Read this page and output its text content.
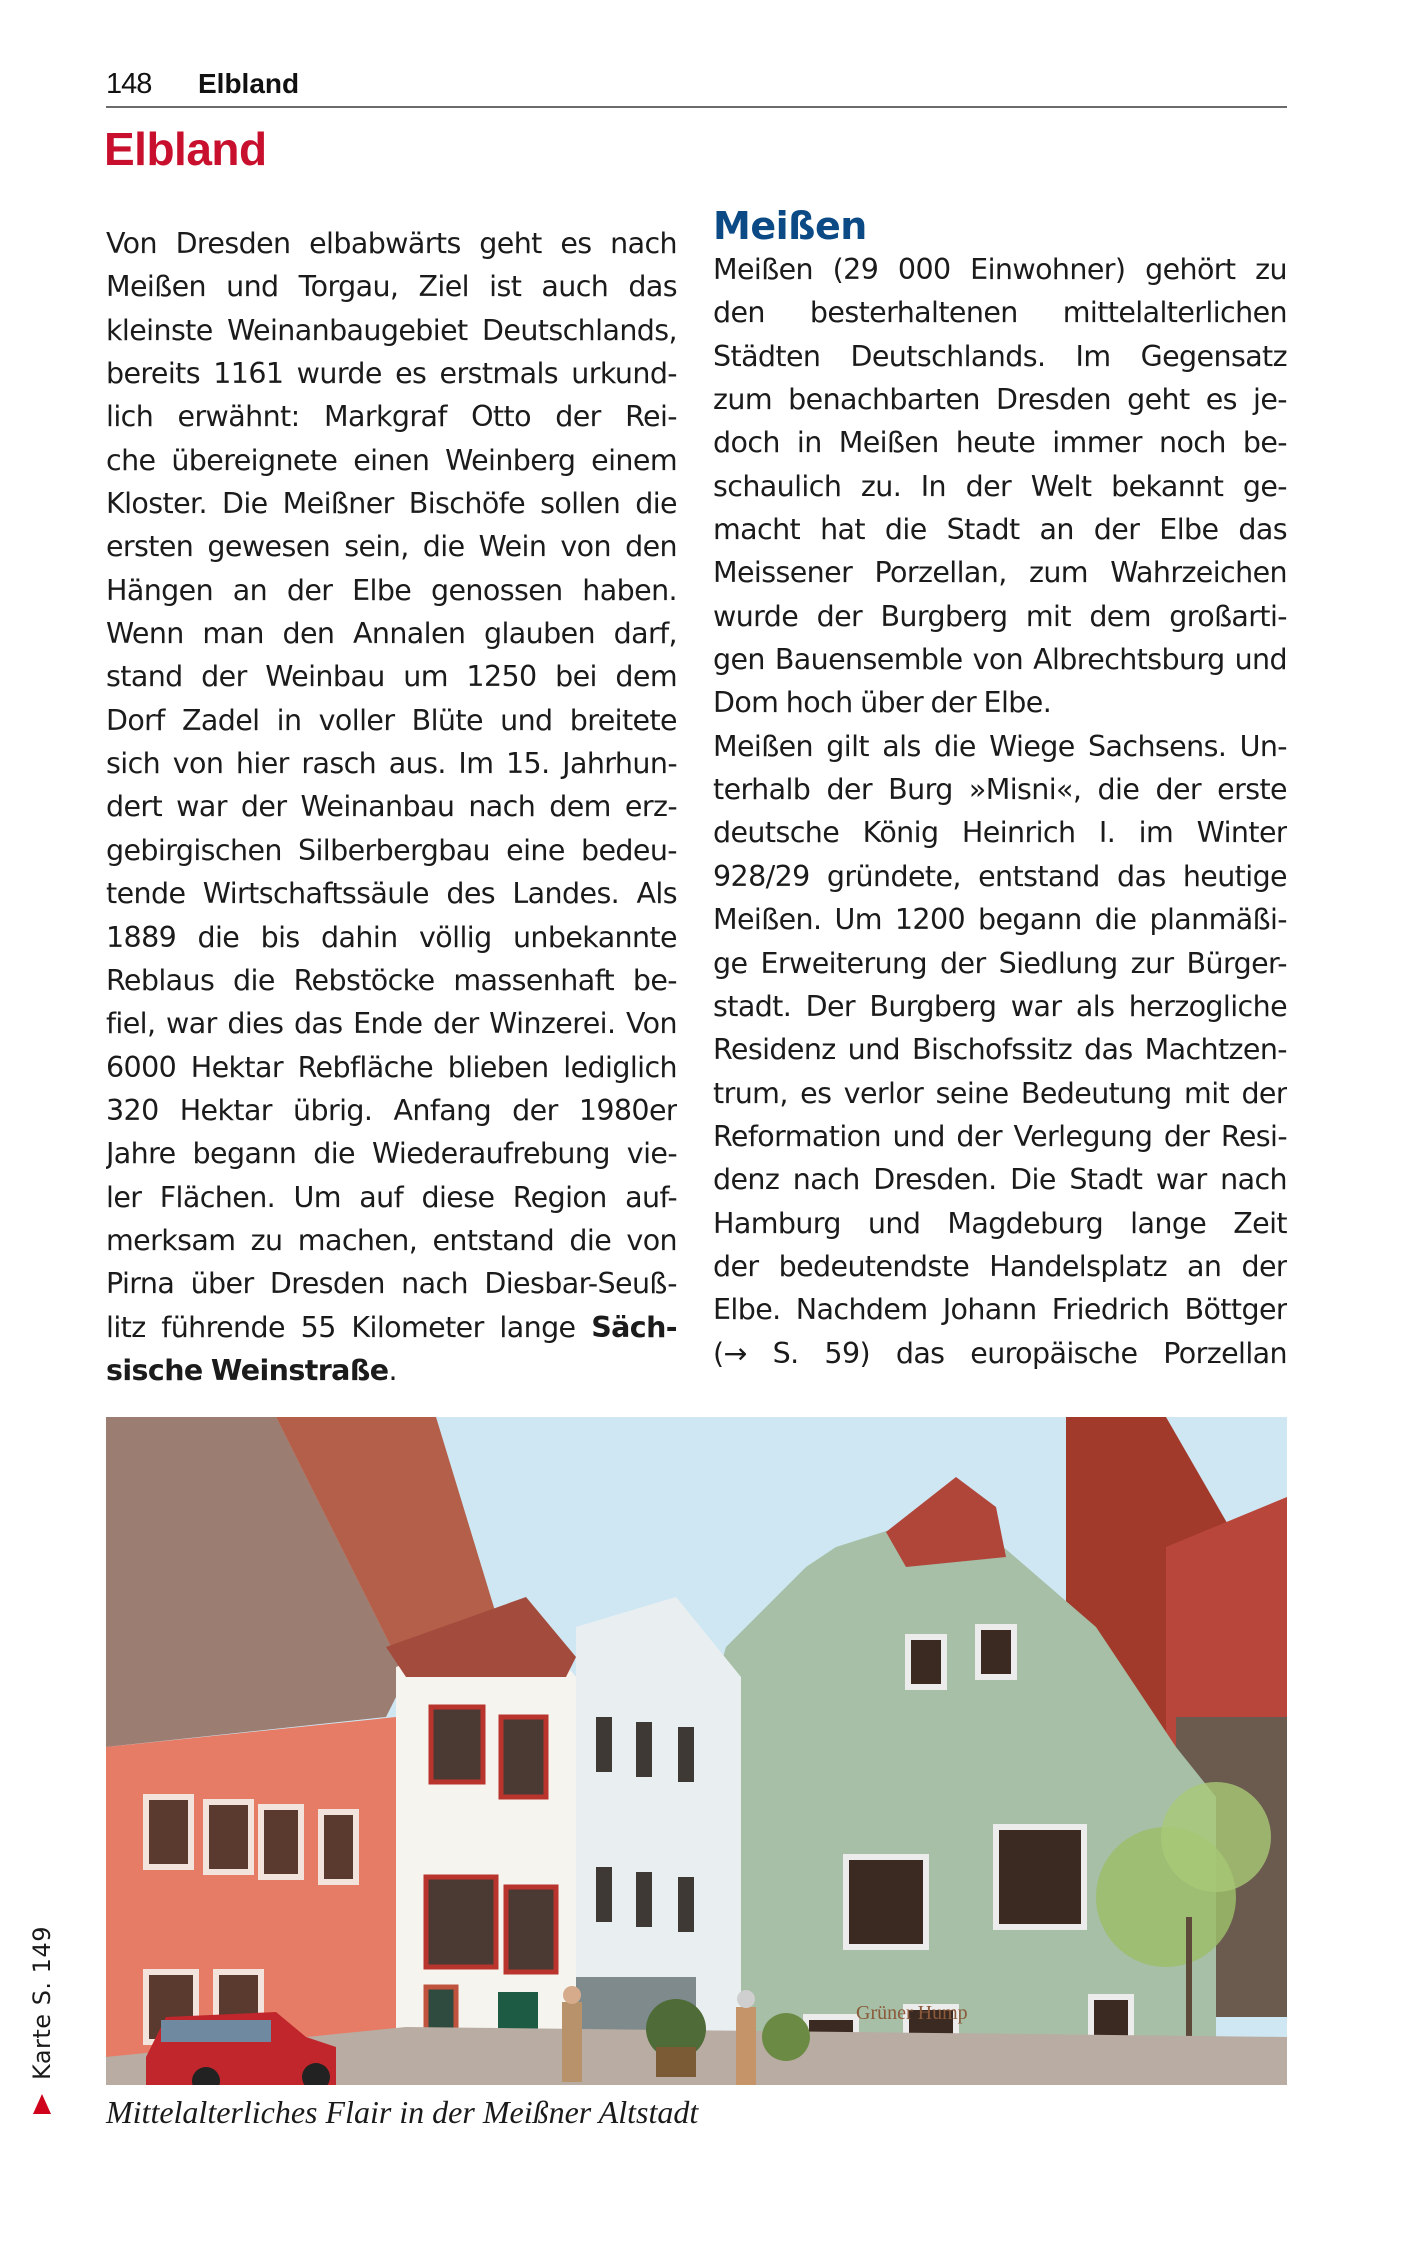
148 Elbland
Elbland
Von Dresden elbabwärts geht es nach
Meißen und Torgau, Ziel ist auch das
kleinste Weinanbaugebiet Deutschlands,
bereits 1161 wurde es erstmals urkund-
lich erwähnt: Markgraf Otto der Rei-
che übereignete einen Weinberg einem
Kloster. Die Meißner Bischöfe sollen die
ersten gewesen sein, die Wein von den
Hängen an der Elbe genossen haben.
Wenn man den Annalen glauben darf,
stand der Weinbau um 1250 bei dem
Dorf Zadel in voller Blüte und breitete
sich von hier rasch aus. Im 15. Jahrhun-
dert war der Weinanbau nach dem erz-
gebirgischen Silberbergbau eine bedeu-
tende Wirtschaftssäule des Landes. Als
1889 die bis dahin völlig unbekannte
Reblaus die Rebstöcke massenhaft be-
fiel, war dies das Ende der Winzerei. Von
6000 Hektar Rebfläche blieben lediglich
320 Hektar übrig. Anfang der 1980er
Jahre begann die Wiederaufrebung vie-
ler Flächen. Um auf diese Region auf-
merksam zu machen, entstand die von
Pirna über Dresden nach Diesbar-Seuß-
litz führende 55 Kilometer lange Säch-
sische Weinstraße.
Meißen
Meißen (29 000 Einwohner) gehört zu
den besterhaltenen mittelalterlichen
Städten Deutschlands. Im Gegensatz
zum benachbarten Dresden geht es je-
doch in Meißen heute immer noch be-
schaulich zu. In der Welt bekannt ge-
macht hat die Stadt an der Elbe das
Meissener Porzellan, zum Wahrzeichen
wurde der Burgberg mit dem großarti-
gen Bauensemble von Albrechtsburg und
Dom hoch über der Elbe.
Meißen gilt als die Wiege Sachsens. Un-
terhalb der Burg »Misni«, die der erste
deutsche König Heinrich I. im Winter
928/29 gründete, entstand das heutige
Meißen. Um 1200 begann die planmäßi-
ge Erweiterung der Siedlung zur Bürger-
stadt. Der Burgberg war als herzogliche
Residenz und Bischofssitz das Machtzen-
trum, es verlor seine Bedeutung mit der
Reformation und der Verlegung der Resi-
denz nach Dresden. Die Stadt war nach
Hamburg und Magdeburg lange Zeit
der bedeutendste Handelsplatz an der
Elbe. Nachdem Johann Friedrich Böttger
(→ S. 59) das europäische Porzellan
Grüner Hump
Mittelalterliches Flair in der Meißner Altstadt
Karte S. 149
